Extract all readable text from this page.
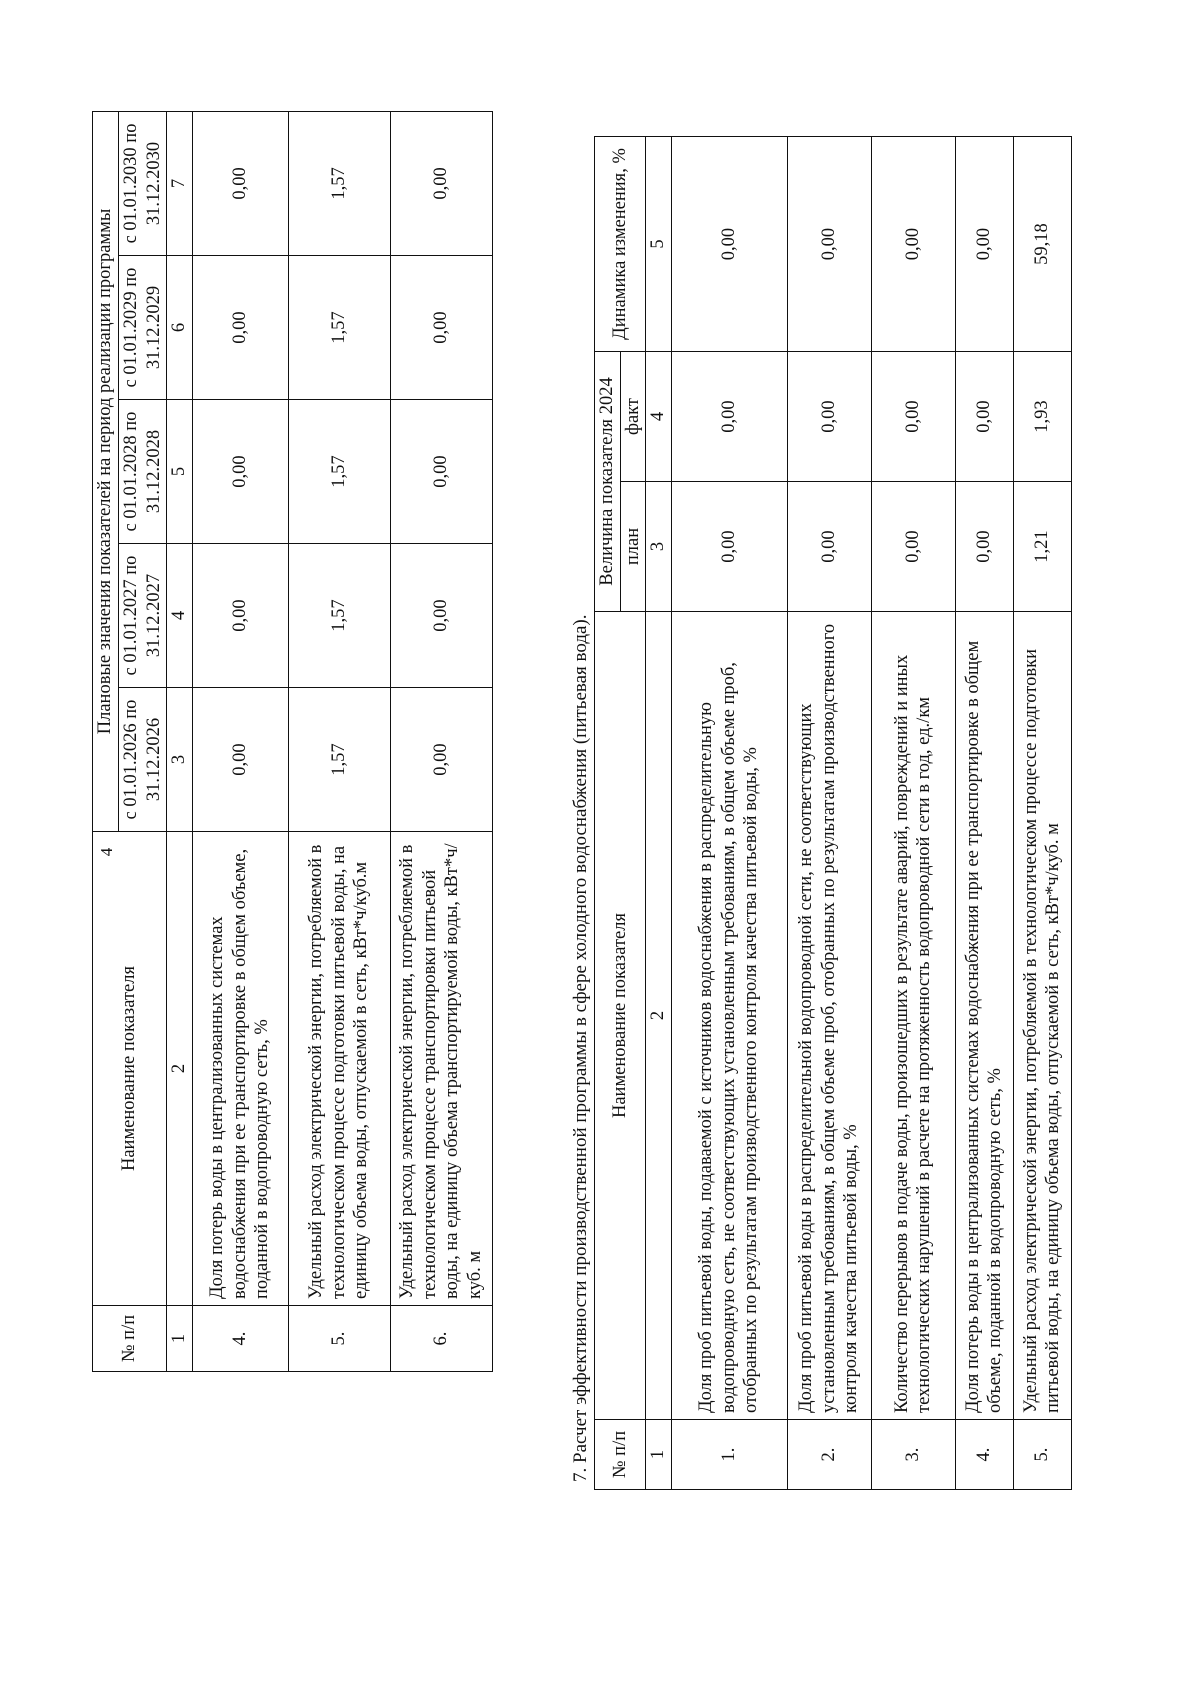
4
№ п/п	Наименование показателя	Плановые значения показателей на период реализации программы				
		с 01.01.2026 по 31.12.2026	с 01.01.2027 по 31.12.2027	с 01.01.2028 по 31.12.2028	с 01.01.2029 по 31.12.2029	с 01.01.2030 по 31.12.2030
1	2	3	4	5	6	7
4.	Доля потерь воды в централизованных системах водоснабжения при ее транспортировке в общем объеме, поданной в водопроводную сеть, %	0,00	0,00	0,00	0,00	0,00
5.	Удельный расход электрической энергии, потребляемой в технологическом процессе подготовки питьевой воды, на единицу объема воды, отпускаемой в сеть, кВт*ч/куб.м	1,57	1,57	1,57	1,57	1,57
6.	Удельный расход электрической энергии, потребляемой в технологическом процессе транспортировки питьевой воды, на единицу объема транспортируемой воды, кВт*ч/куб. м	0,00	0,00	0,00	0,00	0,00
7. Расчет эффективности производственной программы в сфере холодного водоснабжения (питьевая вода). № п/п	Наименование показателя	Величина показателя 2024		Динамика изменения, %
		план	факт	
1	2	3	4	5
1.	Доля проб питьевой воды, подаваемой с источников водоснабжения в распределительную водопроводную сеть, не соответствующих установленным требованиям, в общем объеме проб, отобранных по результатам производственного контроля качества питьевой воды, %	0,00	0,00	0,00
2.	Доля проб питьевой воды в распределительной водопроводной сети, не соответствующих установленным требованиям, в общем объеме проб, отобранных по результатам производственного контроля качества питьевой воды, %	0,00	0,00	0,00
3.	Количество перерывов в подаче воды, произошедших в результате аварий, повреждений и иных технологических нарушений в расчете на протяженность водопроводной сети в год, ед./км	0,00	0,00	0,00
4.	Доля потерь воды в централизованных системах водоснабжения при ее транспортировке в общем объеме, поданной в водопроводную сеть, %	0,00	0,00	0,00
5.	Удельный расход электрической энергии, потребляемой в технологическом процессе подготовки питьевой воды, на единицу объема воды, отпускаемой в сеть, кВт*ч/куб. м	1,21	1,93	59,18
